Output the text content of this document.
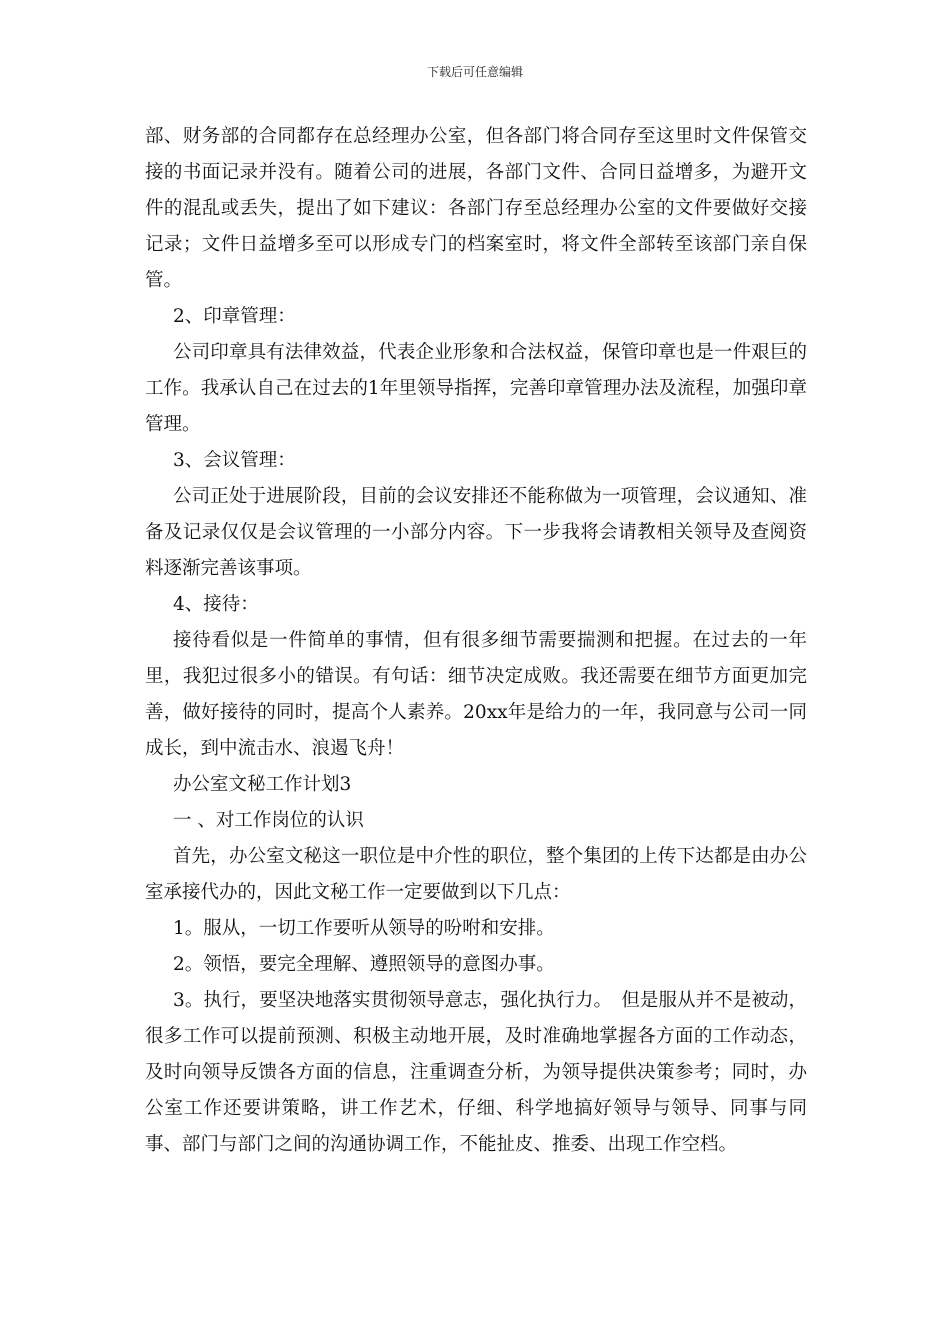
下载后可任意编辑

部、财务部的合同都存在总经理办公室，但各部门将合同存至这里时文件保管交接的书面记录并没有。随着公司的进展，各部门文件、合同日益增多，为避开文件的混乱或丢失，提出了如下建议：各部门存至总经理办公室的文件要做好交接记录；文件日益增多至可以形成专门的档案室时，将文件全部转至该部门亲自保管。

2、印章管理：

公司印章具有法律效益，代表企业形象和合法权益，保管印章也是一件艰巨的工作。我承认自己在过去的1年里领导指挥，完善印章管理办法及流程，加强印章管理。

3、会议管理：

公司正处于进展阶段，目前的会议安排还不能称做为一项管理，会议通知、准备及记录仅仅是会议管理的一小部分内容。下一步我将会请教相关领导及查阅资料逐渐完善该事项。

4、接待：

接待看似是一件简单的事情，但有很多细节需要揣测和把握。在过去的一年里，我犯过很多小的错误。有句话：细节决定成败。我还需要在细节方面更加完善，做好接待的同时，提高个人素养。20xx年是给力的一年，我同意与公司一同成长，到中流击水、浪遏飞舟！

办公室文秘工作计划3

一 、对工作岗位的认识

首先，办公室文秘这一职位是中介性的职位，整个集团的上传下达都是由办公室承接代办的，因此文秘工作一定要做到以下几点：

1。服从，一切工作要听从领导的吩咐和安排。

2。领悟，要完全理解、遵照领导的意图办事。

3。执行，要坚决地落实贯彻领导意志，强化执行力。　但是服从并不是被动，很多工作可以提前预测、积极主动地开展，及时准确地掌握各方面的工作动态，及时向领导反馈各方面的信息，注重调查分析，为领导提供决策参考；同时，办公室工作还要讲策略，讲工作艺术，仔细、科学地搞好领导与领导、同事与同事、部门与部门之间的沟通协调工作，不能扯皮、推委、出现工作空档。
